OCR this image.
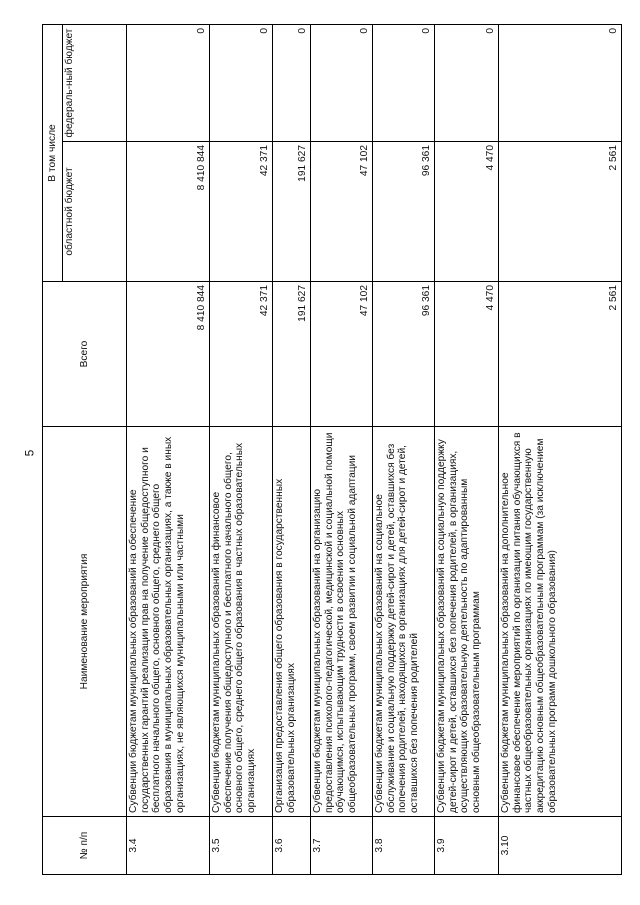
5
№ п/п	Наименование мероприятия	Всего	В том числе	
			областной бюджет	федераль-ный бюджет
3.4	Субвенции бюджетам муниципальных образований на обеспечение государственных гарантий реализации прав на получение общедоступного и бесплатного начального общего, основного общего, среднего общего образования в муниципальных образовательных организациях, а также в иных организациях, не являющихся муниципальными или частными	8 410 844	8 410 844	0
3.5	Субвенции бюджетам муниципальных образований на финансовое обеспечение получения общедоступного и бесплатного начального общего, основного общего, среднего общего образования в частных образовательных организациях	42 371	42 371	0
3.6	Организация предоставления общего образования в государственных образовательных организациях	191 627	191 627	0
3.7	Субвенции бюджетам муниципальных образований на организацию предоставления психолого-педагогической, медицинской и социальной помощи обучающимся, испытывающим трудности в освоении основных общеобразовательных программ, своем развитии и социальной адаптации	47 102	47 102	0
3.8	Субвенции бюджетам муниципальных образований на социальное обслуживание и социальную поддержку детей-сирот и детей, оставшихся без попечения родителей, находящихся в организациях для детей-сирот и детей, оставшихся без попечения родителей	96 361	96 361	0
3.9	Субвенции бюджетам муниципальных образований на социальную поддержку детей-сирот и детей, оставшихся без попечения родителей, в организациях, осуществляющих образовательную деятельность по адаптированным основным общеобразовательным программам	4 470	4 470	0
3.10	Субвенции бюджетам муниципальных образований на дополнительное финансовое обеспечение мероприятий по организации питания обучающихся в частных общеобразовательных организациях по имеющим государственную аккредитацию основным общеобразовательным программам (за исключением образовательных программ дошкольного образования)	2 561	2 561	0
